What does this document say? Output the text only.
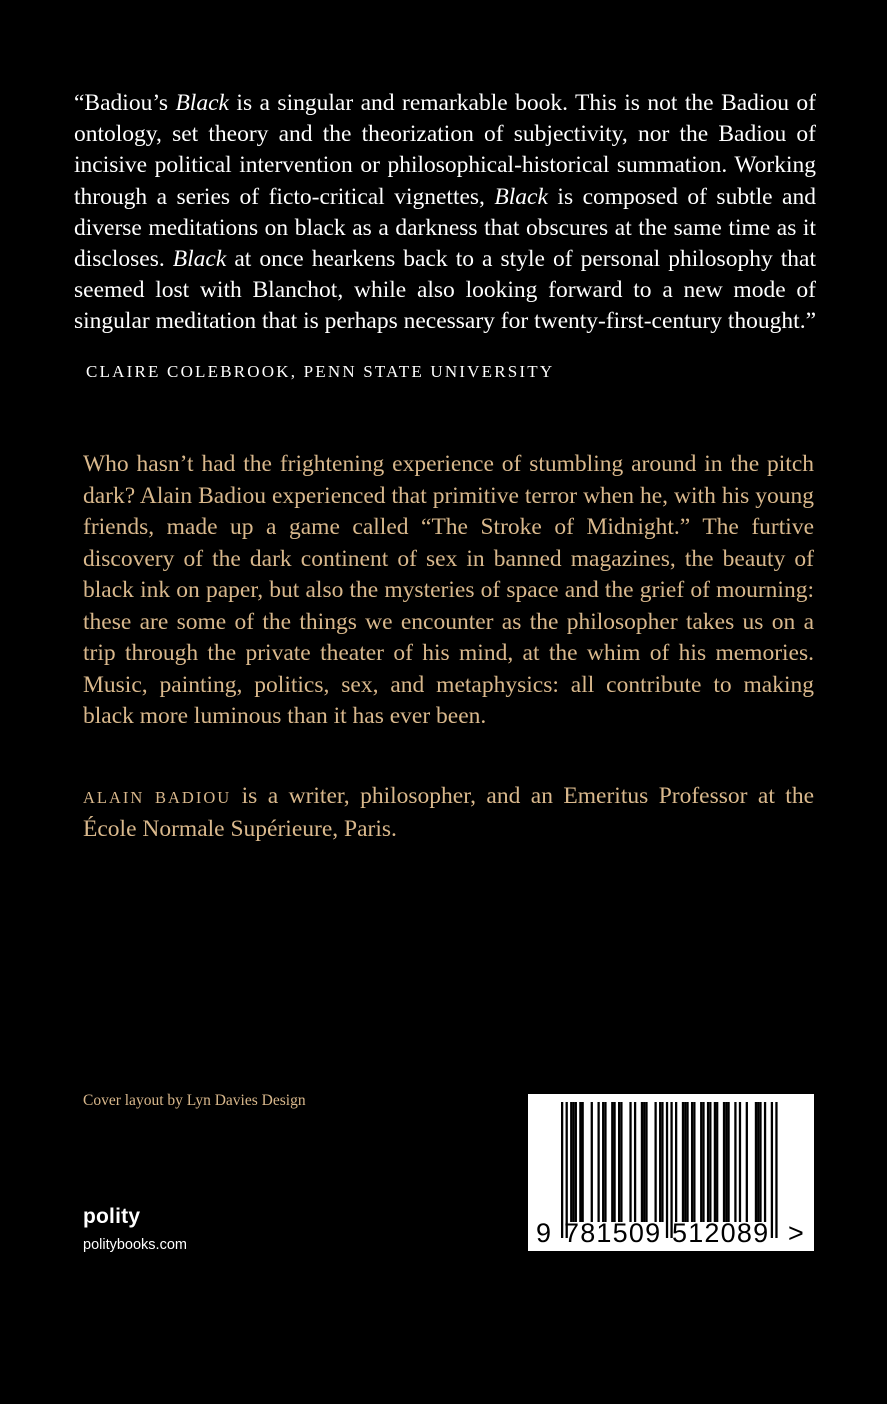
“Badiou’s Black is a singular and remarkable book. This is not the Badiou of ontology, set theory and the theorization of subjectivity, nor the Badiou of incisive political intervention or philosophical-historical summation. Working through a series of ficto-critical vignettes, Black is composed of subtle and diverse meditations on black as a darkness that obscures at the same time as it discloses. Black at once hearkens back to a style of personal philosophy that seemed lost with Blanchot, while also looking forward to a new mode of singular meditation that is perhaps necessary for twenty-first-century thought.”

CLAIRE COLEBROOK, PENN STATE UNIVERSITY

Who hasn’t had the frightening experience of stumbling around in the pitch dark? Alain Badiou experienced that primitive terror when he, with his young friends, made up a game called “The Stroke of Midnight.” The furtive discovery of the dark continent of sex in banned magazines, the beauty of black ink on paper, but also the mysteries of space and the grief of mourning: these are some of the things we encounter as the philosopher takes us on a trip through the private theater of his mind, at the whim of his memories. Music, painting, politics, sex, and metaphysics: all contribute to making black more luminous than it has ever been.

ALAIN BADIOU is a writer, philosopher, and an Emeritus Professor at the École Normale Supérieure, Paris.

Cover layout by Lyn Davies Design
polity
politybooks.com

	9

781509

512089

>
